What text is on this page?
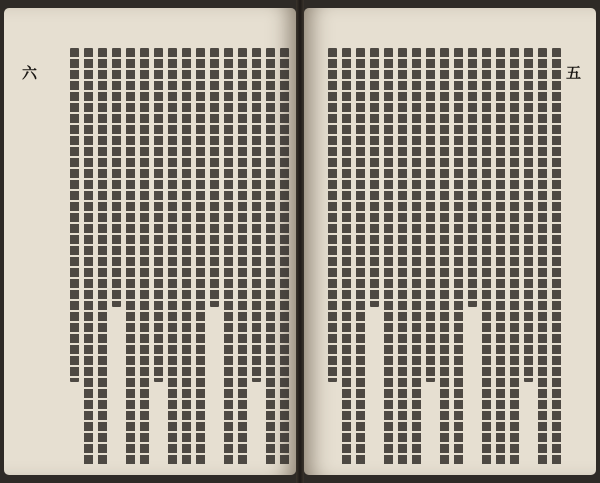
六	五
